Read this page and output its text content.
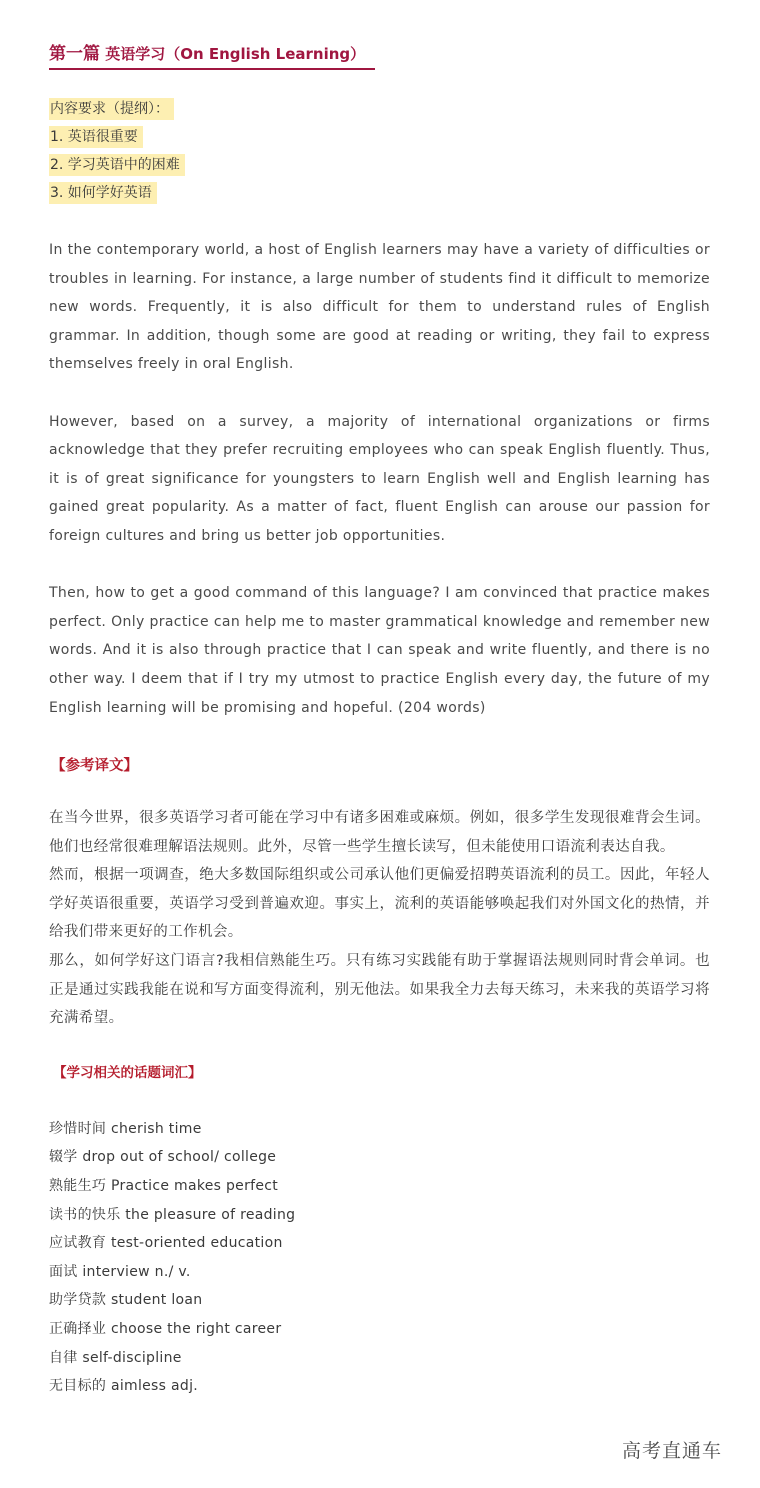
第一篇 英语学习（On English Learning）
内容要求（提纲）：
1. 英语很重要
2. 学习英语中的困难
3. 如何学好英语

In the contemporary world, a host of English learners may have a variety of difficulties or troubles in learning. For instance, a large number of students find it difficult to memorize new words. Frequently, it is also difficult for them to understand rules of English grammar. In addition, though some are good at reading or writing, they fail to express themselves freely in oral English.

However, based on a survey, a majority of international organizations or firms acknowledge that they prefer recruiting employees who can speak English fluently. Thus, it is of great significance for youngsters to learn English well and English learning has gained great popularity. As a matter of fact, fluent English can arouse our passion for foreign cultures and bring us better job opportunities.

Then, how to get a good command of this language? I am convinced that practice makes perfect. Only practice can help me to master grammatical knowledge and remember new words. And it is also through practice that I can speak and write fluently, and there is no other way. I deem that if I try my utmost to practice English every day, the future of my English learning will be promising and hopeful. (204 words)

【参考译文】

在当今世界，很多英语学习者可能在学习中有诸多困难或麻烦。例如，很多学生发现很难背会生词。他们也经常很难理解语法规则。此外，尽管一些学生擅长读写，但未能使用口语流利表达自我。

然而，根据一项调查，绝大多数国际组织或公司承认他们更偏爱招聘英语流利的员工。因此，年轻人学好英语很重要，英语学习受到普遍欢迎。事实上，流利的英语能够唤起我们对外国文化的热情，并给我们带来更好的工作机会。

那么，如何学好这门语言?我相信熟能生巧。只有练习实践能有助于掌握语法规则同时背会单词。也正是通过实践我能在说和写方面变得流利，别无他法。如果我全力去每天练习，未来我的英语学习将充满希望。

【学习相关的话题词汇】
珍惜时间 cherish time
辍学 drop out of school/ college
熟能生巧 Practice makes perfect
读书的快乐 the pleasure of reading
应试教育 test-oriented education
面试 interview n./ v.
助学贷款 student loan
正确择业 choose the right career
自律 self-discipline
无目标的 aimless adj.
高考直通车
